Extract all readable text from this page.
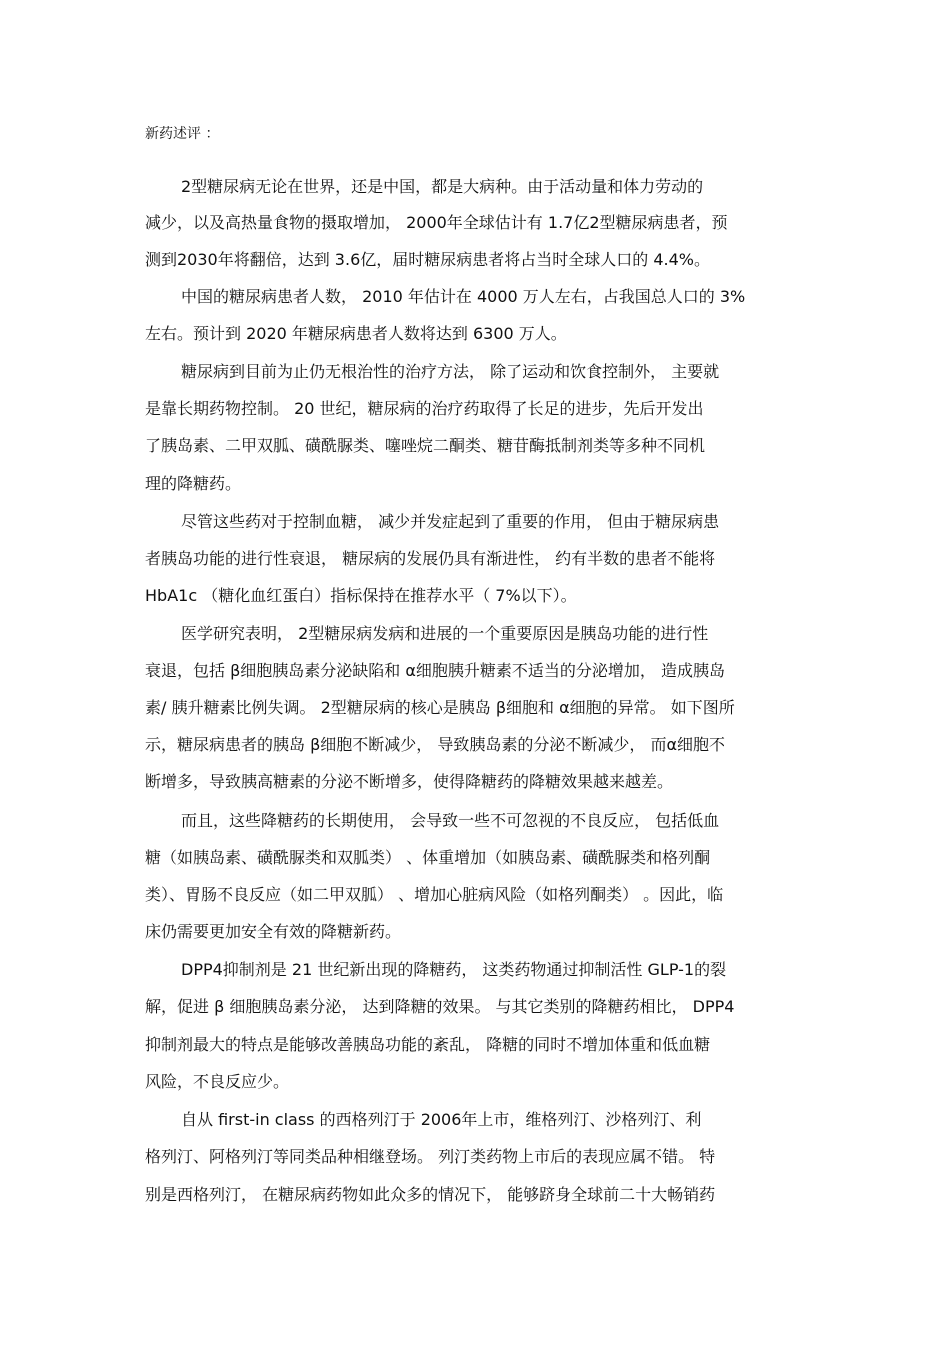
新药述评 ：
2型糖尿病无论在世界，还是中国，都是大病种。由于活动量和体力劳动的
减少，以及高热量食物的摄取增加， 2000年全球估计有 1.7亿2型糖尿病患者，预
测到2030年将翻倍，达到 3.6亿，届时糖尿病患者将占当时全球人口的 4.4%。
中国的糖尿病患者人数， 2010 年估计在 4000 万人左右，占我国总人口的 3%
左右。预计到 2020 年糖尿病患者人数将达到 6300 万人。
糖尿病到目前为止仍无根治性的治疗方法， 除了运动和饮食控制外， 主要就
是靠长期药物控制。 20 世纪，糖尿病的治疗药取得了长足的进步，先后开发出
了胰岛素、二甲双胍、磺酰脲类、噻唑烷二酮类、糖苷酶抵制剂类等多种不同机
理的降糖药。
尽管这些药对于控制血糖， 减少并发症起到了重要的作用， 但由于糖尿病患
者胰岛功能的进行性衰退， 糖尿病的发展仍具有渐进性， 约有半数的患者不能将
HbA1c （糖化血红蛋白）指标保持在推荐水平（ 7%以下）。
医学研究表明， 2型糖尿病发病和进展的一个重要原因是胰岛功能的进行性
衰退，包括 β细胞胰岛素分泌缺陷和 α细胞胰升糖素不适当的分泌增加， 造成胰岛
素/ 胰升糖素比例失调。 2型糖尿病的核心是胰岛 β细胞和 α细胞的异常。 如下图所
示，糖尿病患者的胰岛 β细胞不断减少， 导致胰岛素的分泌不断减少， 而α细胞不
断增多，导致胰高糖素的分泌不断增多，使得降糖药的降糖效果越来越差。
而且，这些降糖药的长期使用， 会导致一些不可忽视的不良反应， 包括低血
糖（如胰岛素、磺酰脲类和双胍类） 、体重增加（如胰岛素、磺酰脲类和格列酮
类）、胃肠不良反应（如二甲双胍） 、增加心脏病风险（如格列酮类） 。因此，临
床仍需要更加安全有效的降糖新药。
DPP4抑制剂是 21 世纪新出现的降糖药， 这类药物通过抑制活性 GLP-1的裂
解，促进 β 细胞胰岛素分泌， 达到降糖的效果。 与其它类别的降糖药相比， DPP4
抑制剂最大的特点是能够改善胰岛功能的紊乱， 降糖的同时不增加体重和低血糖
风险，不良反应少。
自从 first-in class 的西格列汀于 2006年上市，维格列汀、沙格列汀、利
格列汀、阿格列汀等同类品种相继登场。 列汀类药物上市后的表现应属不错。 特
别是西格列汀， 在糖尿病药物如此众多的情况下， 能够跻身全球前二十大畅销药
